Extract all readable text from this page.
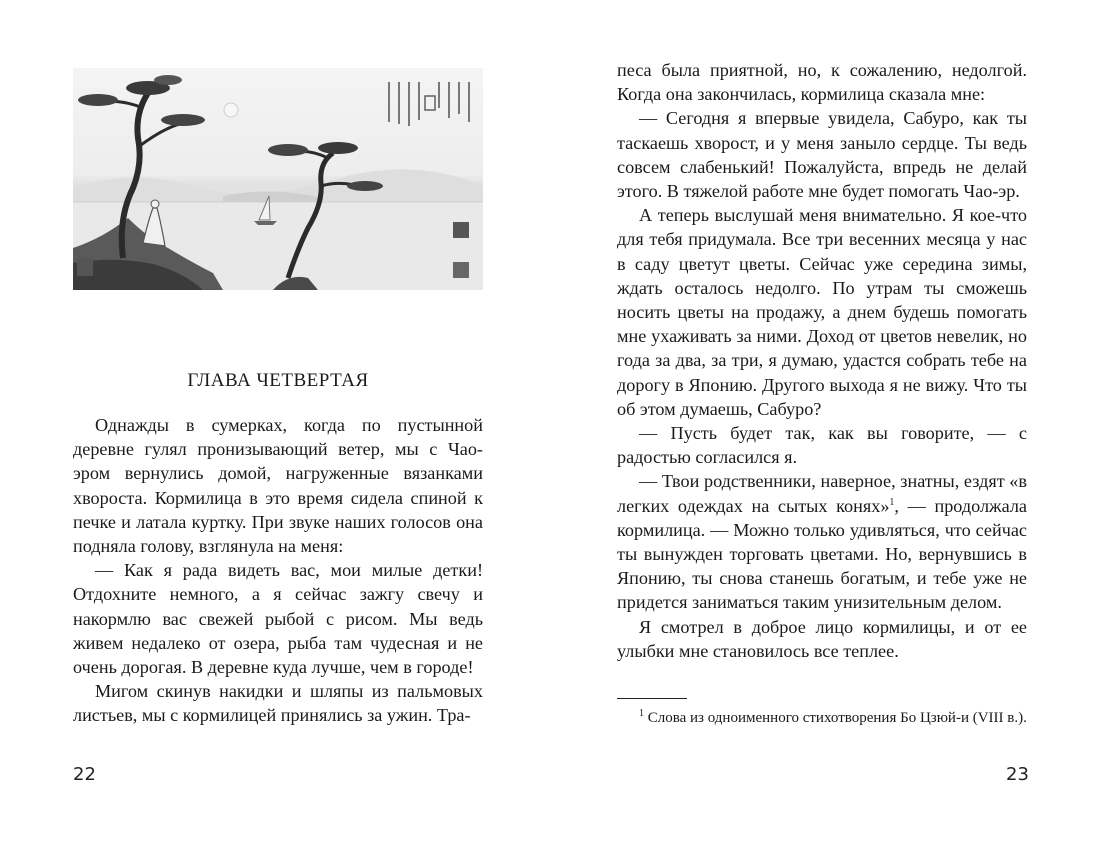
ГЛАВА ЧЕТВЕРТАЯ

Однажды в сумерках, когда по пустынной деревне гулял пронизывающий ветер, мы с Чао-эром вернулись домой, нагруженные вязанками хвороста. Кормилица в это время сидела спиной к печке и латала куртку. При звуке наших голосов она подняла голову, взглянула на меня:

— Как я рада видеть вас, мои милые детки! Отдохните немного, а я сейчас зажгу свечу и накормлю вас свежей рыбой с рисом. Мы ведь живем недалеко от озера, рыба там чудесная и не очень дорогая. В деревне куда лучше, чем в городе!

Мигом скинув накидки и шляпы из пальмовых листьев, мы с кормилицей принялись за ужин. Тра-

22

песа была приятной, но, к сожалению, недолгой. Когда она закончилась, кормилица сказала мне:

— Сегодня я впервые увидела, Сабуро, как ты таскаешь хворост, и у меня заныло сердце. Ты ведь совсем слабенький! Пожалуйста, впредь не делай этого. В тяжелой работе мне будет помогать Чао-эр.

А теперь выслушай меня внимательно. Я кое-что для тебя придумала. Все три весенних месяца у нас в саду цветут цветы. Сейчас уже середина зимы, ждать осталось недолго. По утрам ты сможешь носить цветы на продажу, а днем будешь помогать мне ухаживать за ними. Доход от цветов невелик, но года за два, за три, я думаю, удастся собрать тебе на дорогу в Японию. Другого выхода я не вижу. Что ты об этом думаешь, Сабуро?

— Пусть будет так, как вы говорите, — с радостью согласился я.

— Твои родственники, наверное, знатны, ездят «в легких одеждах на сытых конях»$^1$, — продолжала кормилица. — Можно только удивляться, что сейчас ты вынужден торговать цветами. Но, вернувшись в Японию, ты снова станешь богатым, и тебе уже не придется заниматься таким унизительным делом.

Я смотрел в доброе лицо кормилицы, и от ее улыбки мне становилось все теплее.

$^1$ Слова из одноименного стихотворения Бо Цзюй-и (VIII в.).

23
